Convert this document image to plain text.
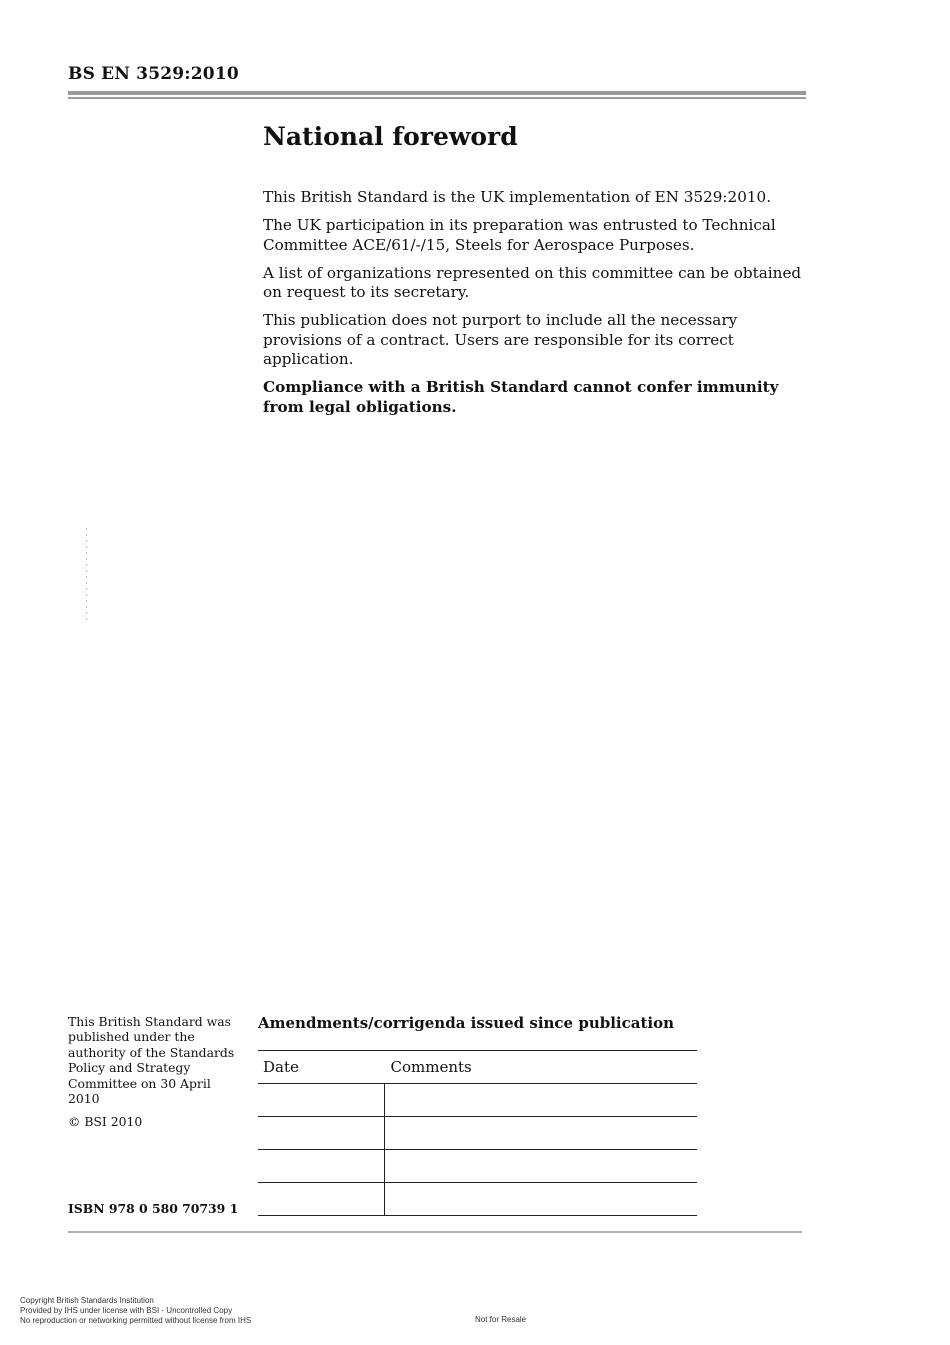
BS EN 3529:2010
National foreword

This British Standard is the UK implementation of EN 3529:2010.

The UK participation in its preparation was entrusted to Technical Committee ACE/61/-/15, Steels for Aerospace Purposes.

A list of organizations represented on this committee can be obtained on request to its secretary.

This publication does not purport to include all the necessary provisions of a contract. Users are responsible for its correct application.

Compliance with a British Standard cannot confer immunity from legal obligations.

This British Standard was published under the authority of the Standards Policy and Strategy Committee on 30 April 2010

© BSI 2010

ISBN 978 0 580 70739 1
Amendments/corrigenda issued since publication
Date	Comments

Copyright British Standards Institution

Provided by IHS under license with BSI - Uncontrolled Copy

No reproduction or networking permitted without license from IHS	Not for Resale
